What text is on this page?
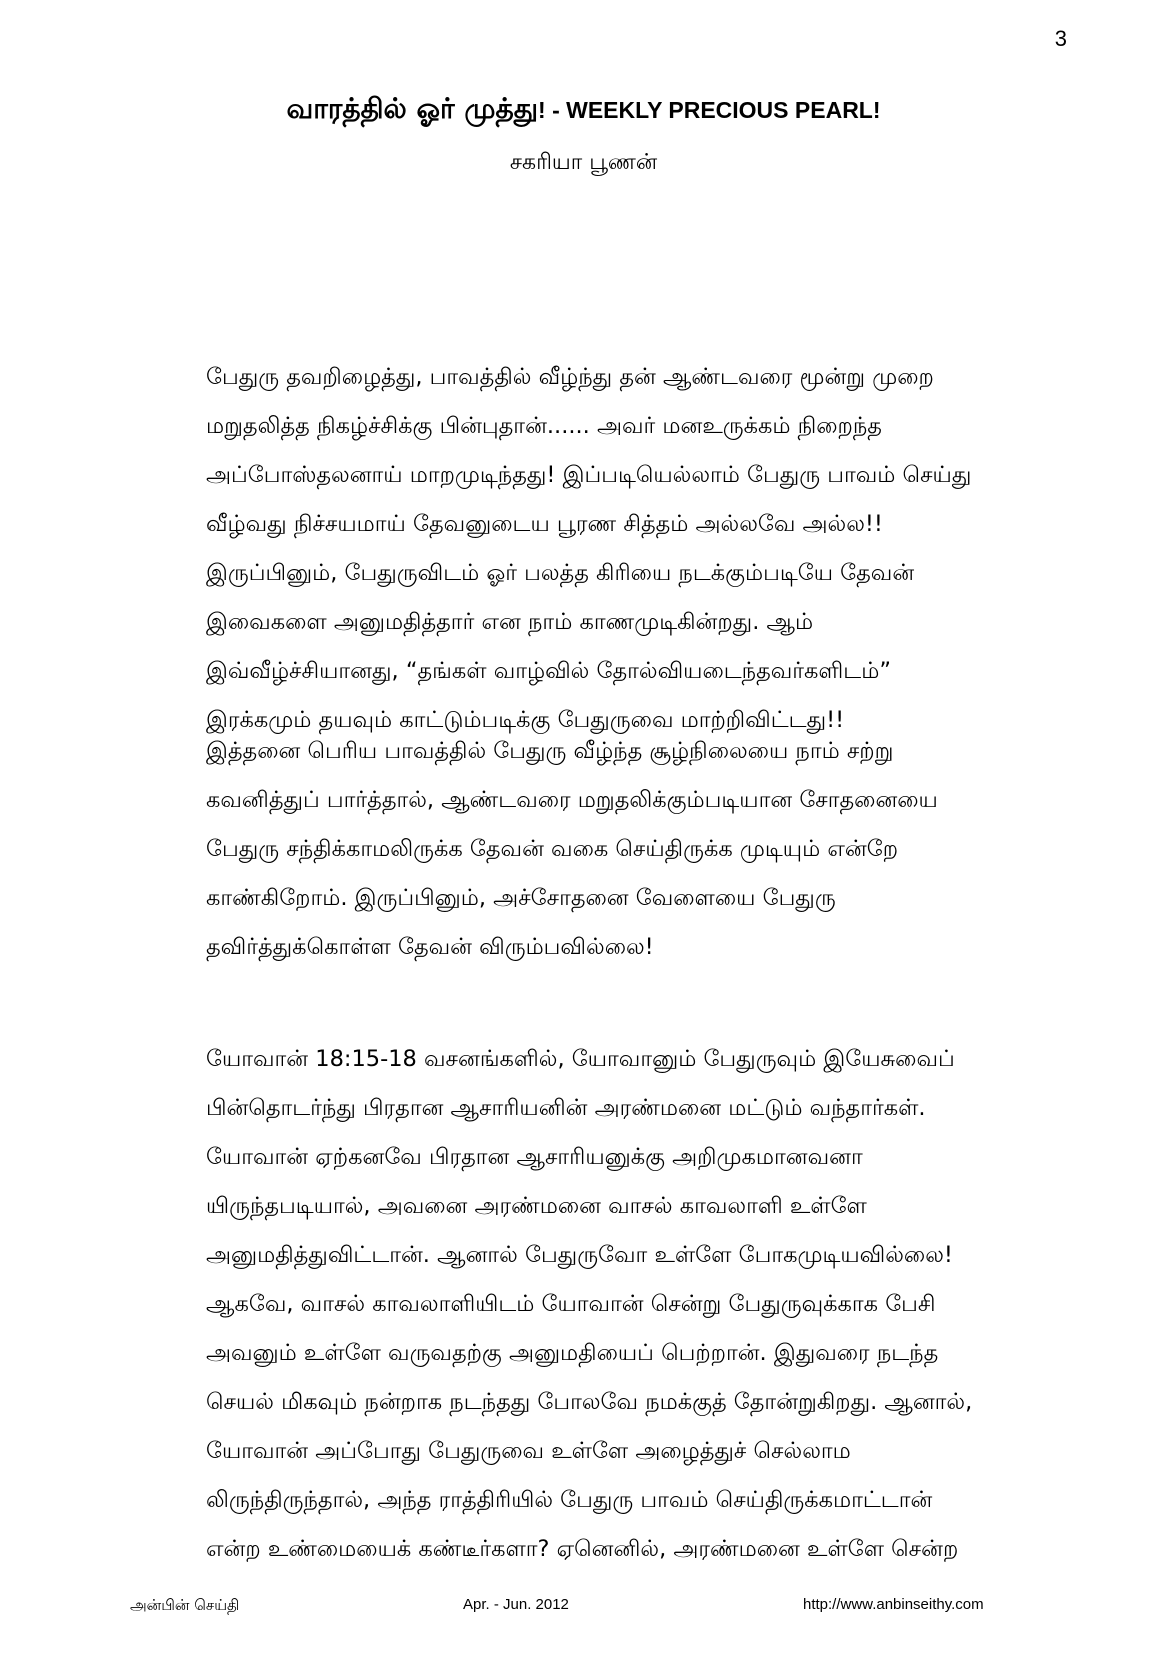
3
வாரத்தில் ஓர் முத்து! - WEEKLY PRECIOUS PEARL!
சகரியா பூணன்
பேதுரு தவறிழைத்து, பாவத்தில் வீழ்ந்து தன் ஆண்டவரை மூன்று முறை
மறுதலித்த நிகழ்ச்சிக்கு பின்புதான்...... அவர் மனஉருக்கம் நிறைந்த
அப்போஸ்தலனாய் மாறமுடிந்தது! இப்படியெல்லாம் பேதுரு பாவம் செய்து
வீழ்வது நிச்சயமாய் தேவனுடைய பூரண சித்தம் அல்லவே அல்ல!!
இருப்பினும், பேதுருவிடம் ஓர் பலத்த கிரியை நடக்கும்படியே தேவன்
இவைகளை அனுமதித்தார் என நாம் காணமுடிகின்றது. ஆம்
இவ்வீழ்ச்சியானது, “தங்கள் வாழ்வில் தோல்வியடைந்தவர்களிடம்”
இரக்கமும் தயவும் காட்டும்படிக்கு பேதுருவை மாற்றிவிட்டது!!
இத்தனை பெரிய பாவத்தில் பேதுரு வீழ்ந்த சூழ்நிலையை நாம் சற்று
கவனித்துப் பார்த்தால், ஆண்டவரை மறுதலிக்கும்படியான சோதனையை
பேதுரு சந்திக்காமலிருக்க தேவன் வகை செய்திருக்க முடியும் என்றே
காண்கிறோம். இருப்பினும், அச்சோதனை வேளையை பேதுரு
தவிர்த்துக்கொள்ள தேவன் விரும்பவில்லை!
யோவான் 18:15-18 வசனங்களில், யோவானும் பேதுருவும் இயேசுவைப்
பின்தொடர்ந்து பிரதான ஆசாரியனின் அரண்மனை மட்டும் வந்தார்கள்.
யோவான் ஏற்கனவே பிரதான ஆசாரியனுக்கு அறிமுகமானவனா
யிருந்தபடியால், அவனை அரண்மனை வாசல் காவலாளி உள்ளே
அனுமதித்துவிட்டான். ஆனால் பேதுருவோ உள்ளே போகமுடியவில்லை!
ஆகவே, வாசல் காவலாளியிடம் யோவான் சென்று பேதுருவுக்காக பேசி
அவனும் உள்ளே வருவதற்கு அனுமதியைப் பெற்றான். இதுவரை நடந்த
செயல் மிகவும் நன்றாக நடந்தது போலவே நமக்குத் தோன்றுகிறது. ஆனால்,
யோவான் அப்போது பேதுருவை உள்ளே அழைத்துச் செல்லாம
லிருந்திருந்தால், அந்த ராத்திரியில் பேதுரு பாவம் செய்திருக்கமாட்டான்
என்ற உண்மையைக் கண்டீர்களா? ஏனெனில், அரண்மனை உள்ளே சென்ற
அன்பின் செய்தி	Apr. - Jun. 2012	http://www.anbinseithy.com
